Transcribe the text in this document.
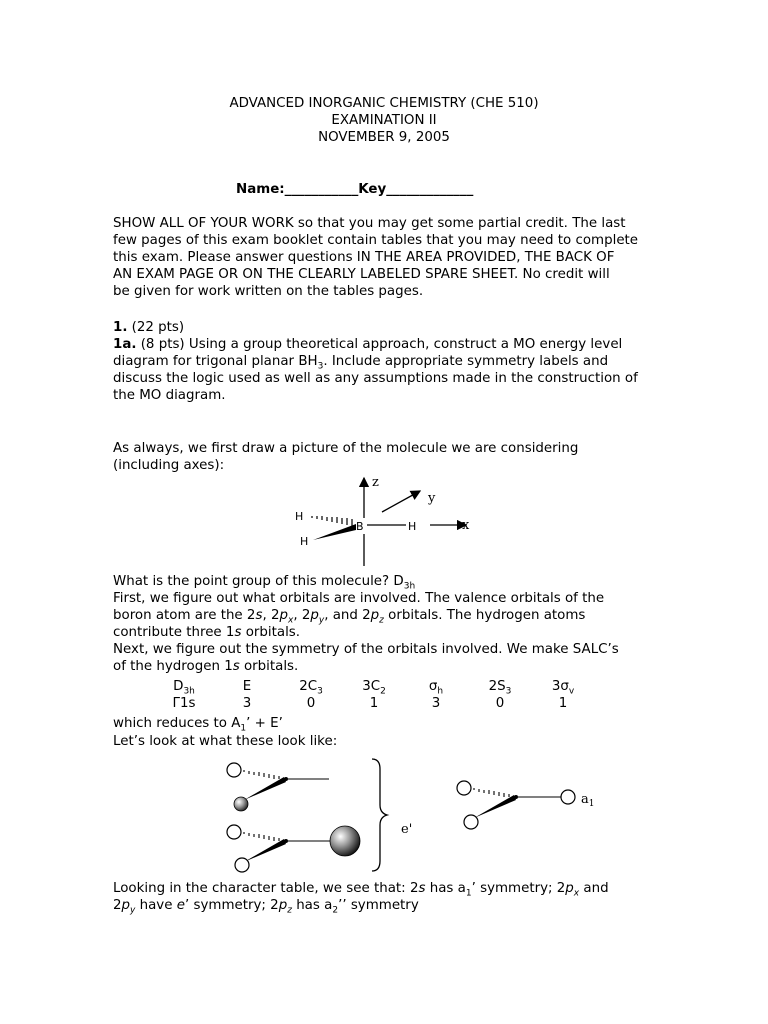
ADVANCED INORGANIC CHEMISTRY (CHE 510)
EXAMINATION II
NOVEMBER 9, 2005
Name:___________Key_____________
SHOW ALL OF YOUR WORK so that you may get some partial credit. The last
few pages of this exam booklet contain tables that you may need to complete
this exam. Please answer questions IN THE AREA PROVIDED, THE BACK OF
AN EXAM PAGE OR ON THE CLEARLY LABELED SPARE SHEET. No credit will
be given for work written on the tables pages.
1. (22 pts)
1a. (8 pts) Using a group theoretical approach, construct a MO energy level
diagram for trigonal planar $BH_3$. Include appropriate symmetry labels and
discuss the logic used as well as any assumptions made in the construction of
the MO diagram.
As always, we first draw a picture of the molecule we are considering
(including axes):
z
y
x
B
H
H
H
What is the point group of this molecule? $D_{3h}$
First, we figure out what orbitals are involved. The valence orbitals of the
boron atom are the 2s, $2p_x$, $2p_y$, and $2p_z$ orbitals. The hydrogen atoms
contribute three 1s orbitals.
Next, we figure out the symmetry of the orbitals involved. We make SALC’s
of the hydrogen 1s orbitals.
$D_{3h}$	E	$2C_3$	$3C_2$	$\sigma_h$	$2S_3$	$3\sigma_v$
Γ1s	3	0	1	3	0	1
which reduces to $A_1$’ + E’
Let’s look at what these look like:
e'
$a_1$
Looking in the character table, we see that: 2s has $a_1$’ symmetry; $2p_x$ and
$2p_y$ have e’ symmetry; $2p_z$ has $a_2$’’ symmetry
